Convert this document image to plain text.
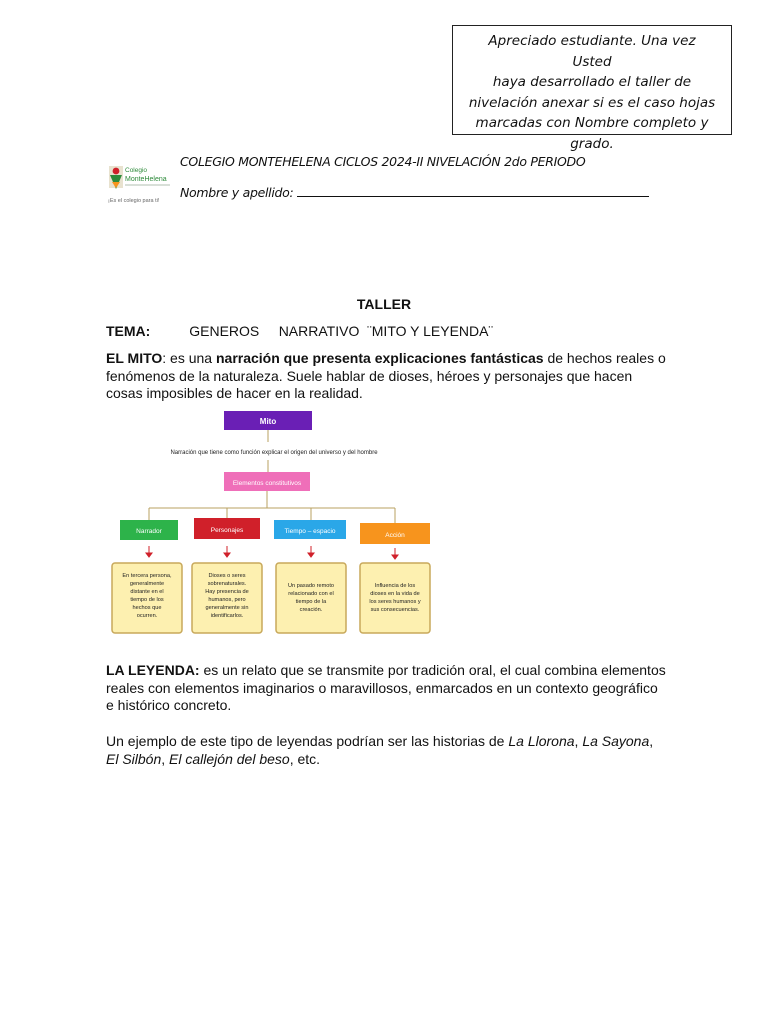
Apreciado estudiante. Una vez Usted
haya desarrollado el taller de
nivelación anexar si es el caso hojas
marcadas con Nombre completo y
grado.
Colegio
MonteHelena
¡Es el colegio para ti!
COLEGIO MONTEHELENA CICLOS 2024-II NIVELACIÓN 2do PERIODO
Nombre y apellido:
TALLER
TEMA:	GENEROS     NARRATIVO  ¨MITO Y LEYENDA¨
EL MITO: es una narración que presenta explicaciones fantásticas de hechos reales o fenómenos de la naturaleza. Suele hablar de dioses, héroes y personajes que hacen cosas imposibles de hacer en la realidad.
Mito
Narración que tiene como función explicar el origen del universo y del hombre
Elementos constitutivos
Narrador	Personajes	Tiempo – espacio
Acción
En tercera persona,
generalmente
distante en el
tiempo de los
hechos que
ocurren.
Dioses o seres
sobrenaturales.
Hay presencia de
humanos, pero
generalmente sin
identificarlos.
Un pasado remoto
relacionado con el
tiempo de la
creación.
Influencia de los
dioses en la vida de
los seres humanos y
sus consecuencias.
LA LEYENDA: es un relato que se transmite por tradición oral, el cual combina elementos reales con elementos imaginarios o maravillosos, enmarcados en un contexto geográfico e histórico concreto.
Un ejemplo de este tipo de leyendas podrían ser las historias de La Llorona, La Sayona, El Silbón, El callejón del beso, etc.
